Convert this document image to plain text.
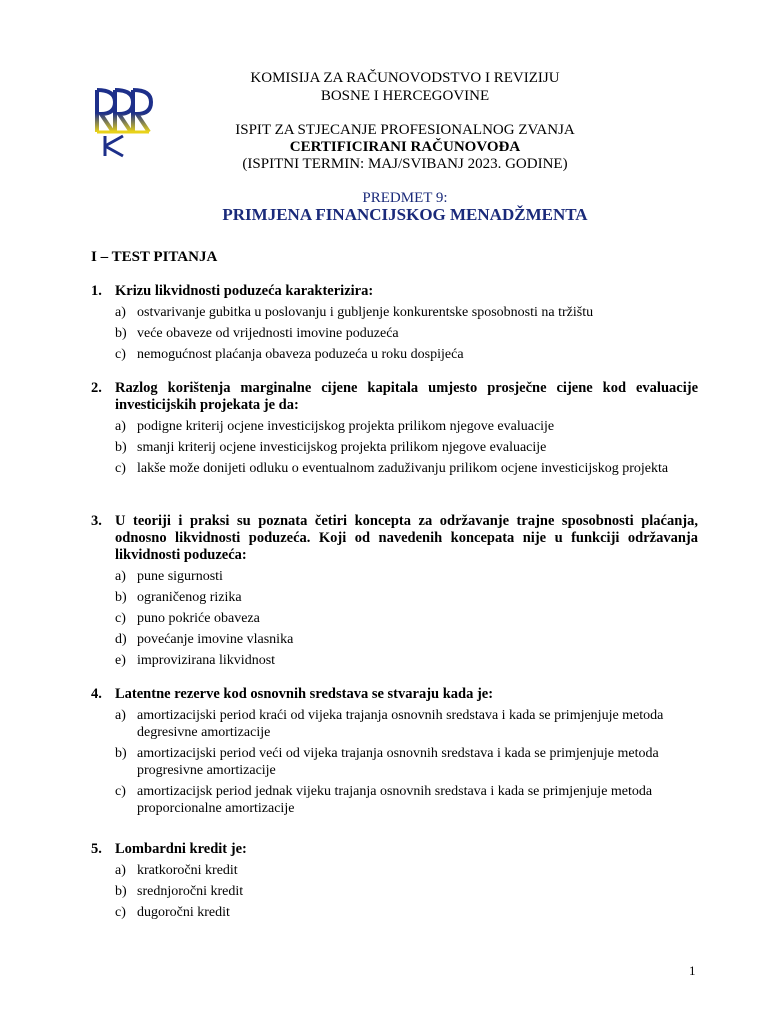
KOMISIJA ZA RAČUNOVODSTVO I REVIZIJU
BOSNE I HERCEGOVINE
ISPIT ZA STJECANJE PROFESIONALNOG ZVANJA
CERTIFICIRANI RAČUNOVOĐA
(ISPITNI TERMIN: MAJ/SVIBANJ 2023. GODINE)
PREDMET 9:
PRIMJENA FINANCIJSKOG MENADŽMENTA
I – TEST PITANJA
1. Krizu likvidnosti poduzeća karakterizira:
a) ostvarivanje gubitka u poslovanju i gubljenje konkurentske sposobnosti na tržištu
b) veće obaveze od vrijednosti imovine poduzeća
c) nemogućnost plaćanja obaveza poduzeća u roku dospijeća
2. Razlog korištenja marginalne cijene kapitala umjesto prosječne cijene kod evaluacije investicijskih projekata je da:
a) podigne kriterij ocjene investicijskog projekta prilikom njegove evaluacije
b) smanji kriterij ocjene investicijskog projekta prilikom njegove evaluacije
c) lakše može donijeti odluku o eventualnom zaduživanju prilikom ocjene investicijskog projekta
3. U teoriji i praksi su poznata četiri koncepta za održavanje trajne sposobnosti plaćanja, odnosno likvidnosti poduzeća. Koji od navedenih koncepata nije u funkciji održavanja likvidnosti poduzeća:
a) pune sigurnosti
b) ograničenog rizika
c) puno pokriće obaveza
d) povećanje imovine vlasnika
e) improvizirana likvidnost
4. Latentne rezerve kod osnovnih sredstava se stvaraju kada je:
a) amortizacijski period kraći od vijeka trajanja osnovnih sredstava i kada se primjenjuje metoda degresivne amortizacije
b) amortizacijski period veći od vijeka trajanja osnovnih sredstava i kada se primjenjuje metoda progresivne amortizacije
c) amortizacijsk period jednak vijeku trajanja osnovnih sredstava i kada se primjenjuje metoda proporcionalne amortizacije
5. Lombardni kredit je:
a) kratkoročni kredit
b) srednjoročni kredit
c) dugoročni kredit
1
